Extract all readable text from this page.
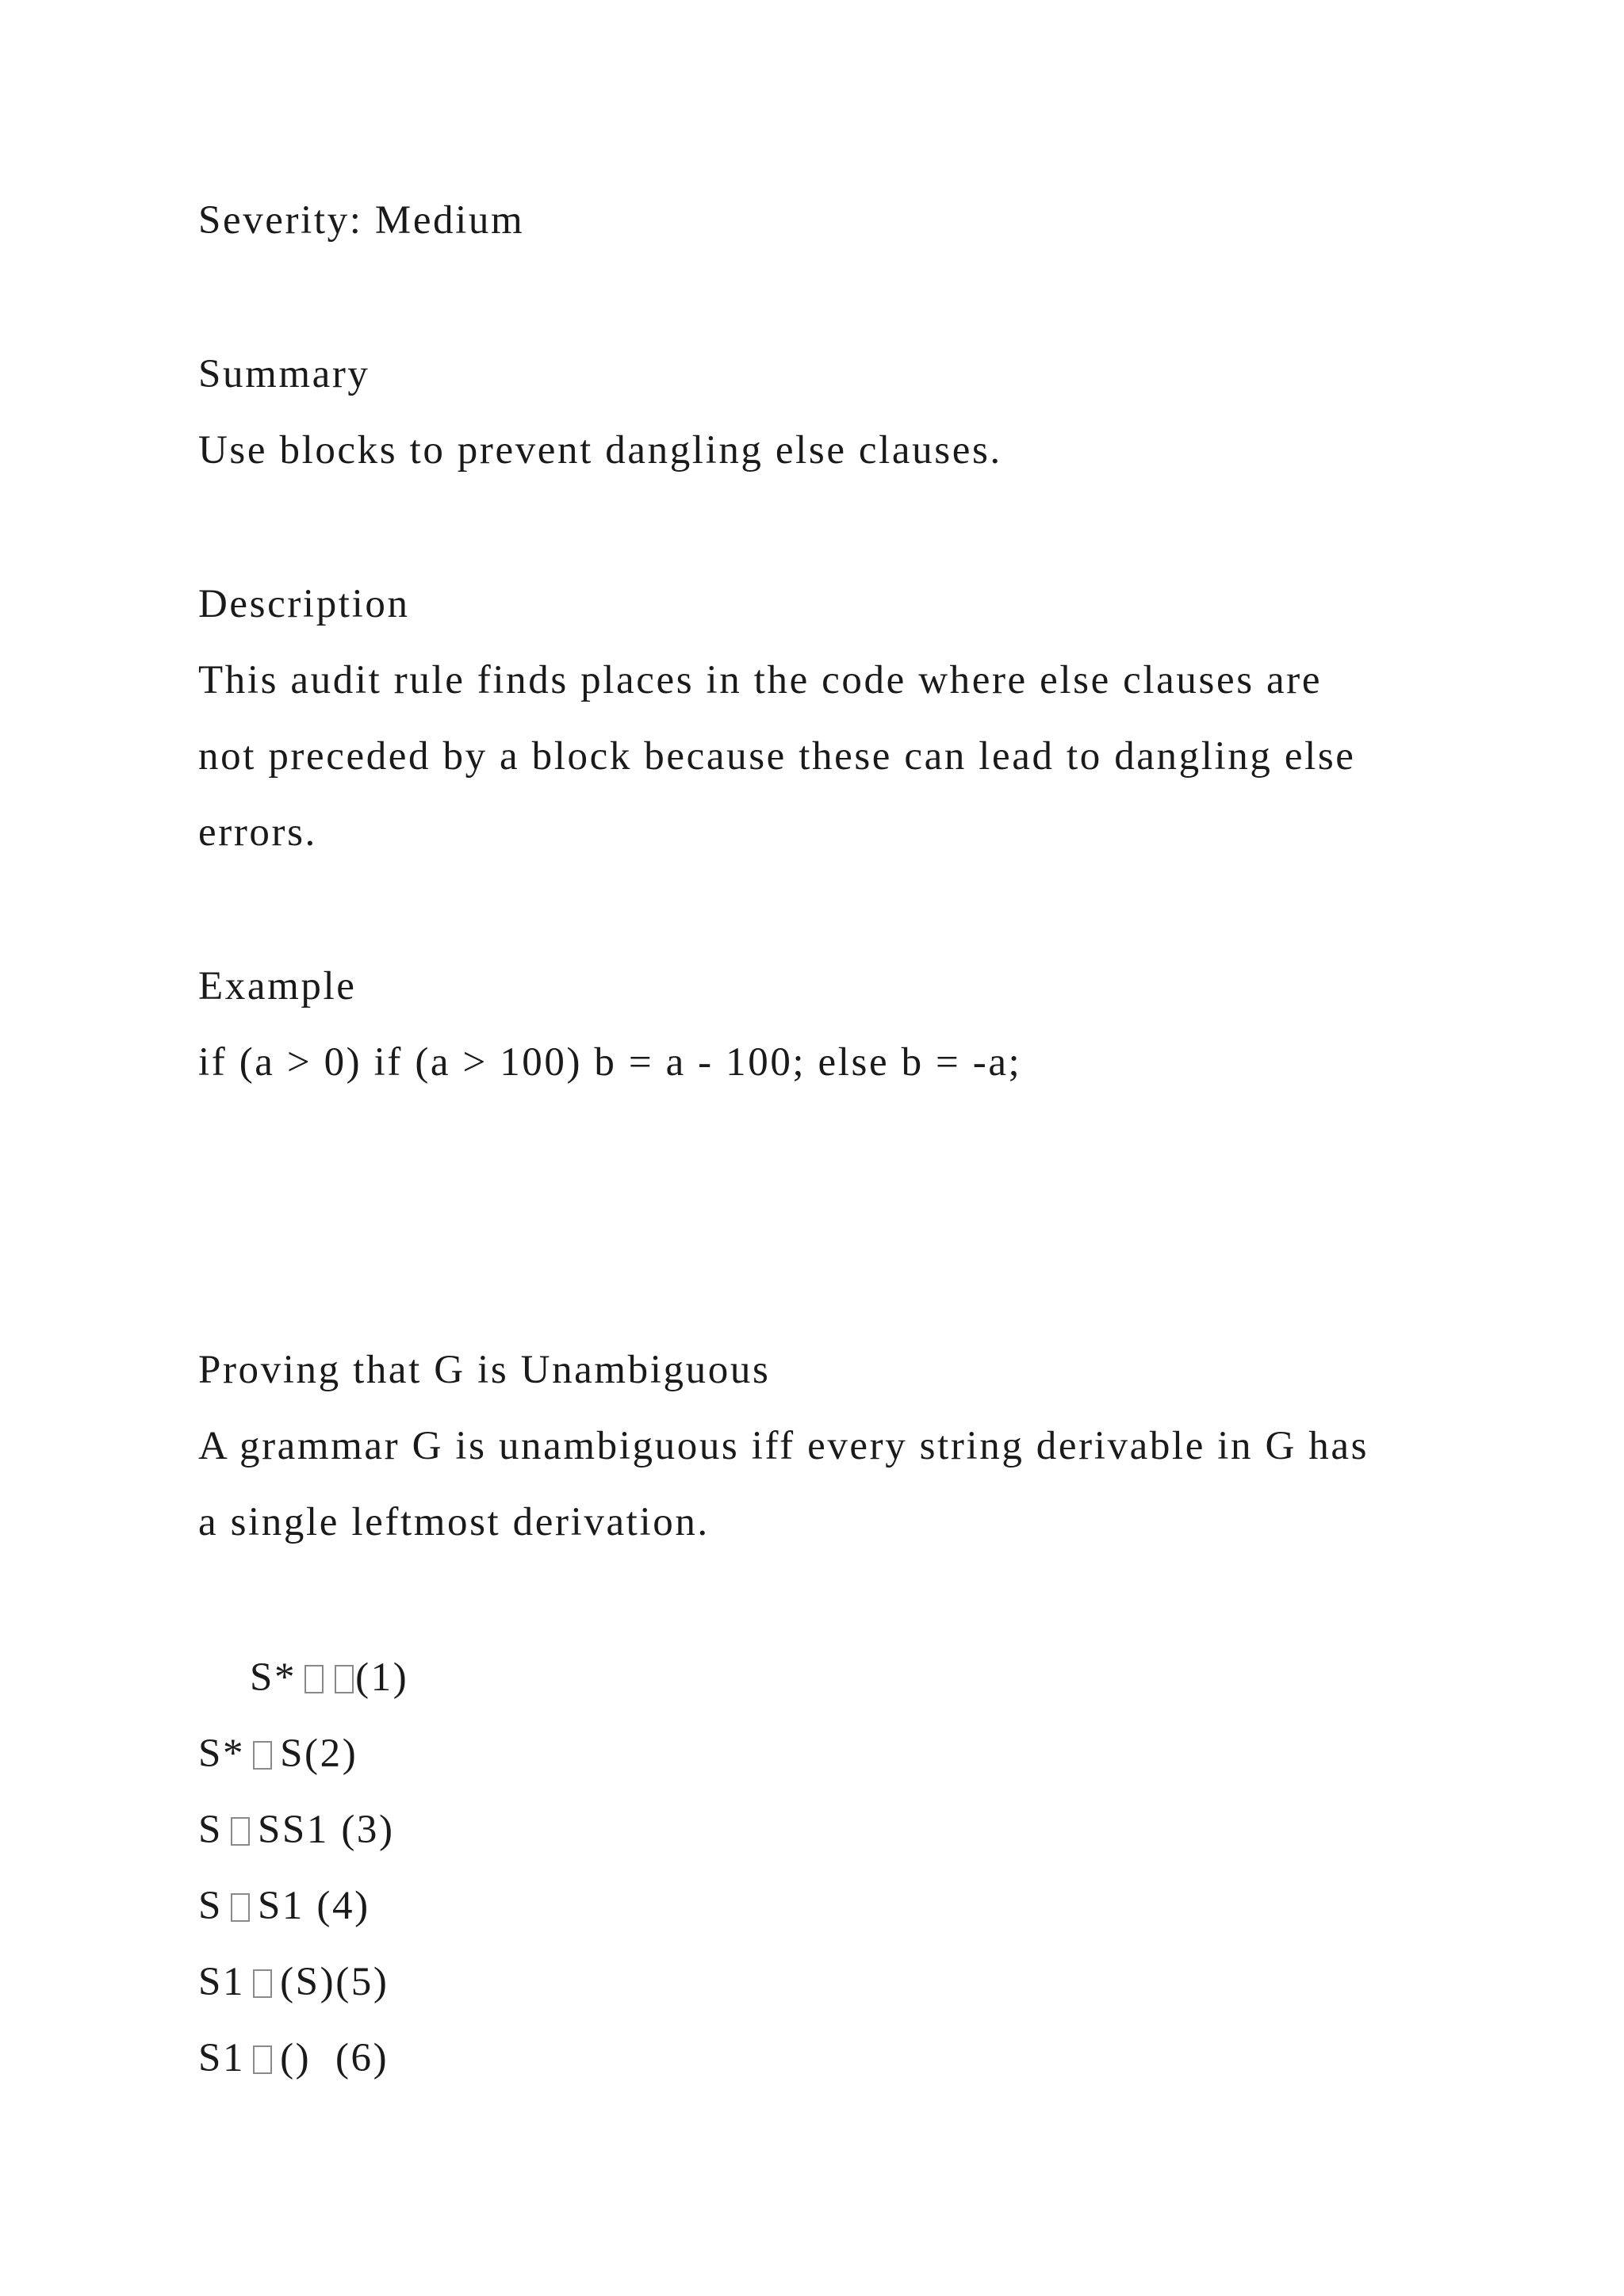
Severity: Medium
Summary
Use blocks to prevent dangling else clauses.
Description
This audit rule finds places in the code where else clauses are
not preceded by a block because these can lead to dangling else
errors.
Example
if (a > 0) if (a > 100) b = a - 100; else b = -a;
Proving that G is Unambiguous
A grammar G is unambiguous iff every string derivable in G has
a single leftmost derivation.
S* (1)
S* S(2)
S SS1 (3)
S S1 (4)
S1 (S)(5)
S1 ()  (6)
